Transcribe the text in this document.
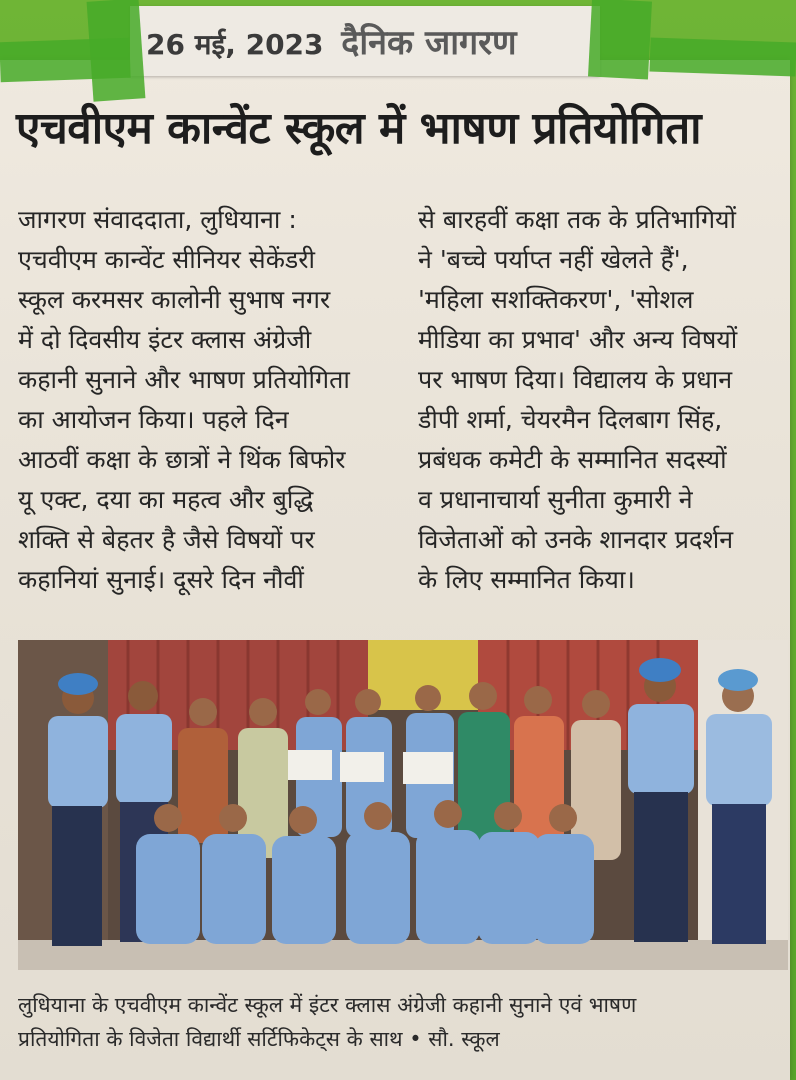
26 मई, 2023 दैनिक जागरण
एचवीएम कान्वेंट स्कूल में भाषण प्रतियोगिता
जागरण संवाददाता, लुधियाना :
एचवीएम कान्वेंट सीनियर सेकेंडरी
स्कूल करमसर कालोनी सुभाष नगर
में दो दिवसीय इंटर क्लास अंग्रेजी
कहानी सुनाने और भाषण प्रतियोगिता
का आयोजन किया। पहले दिन
आठवीं कक्षा के छात्रों ने थिंक बिफोर
यू एक्ट, दया का महत्व और बुद्धि
शक्ति से बेहतर है जैसे विषयों पर
कहानियां सुनाई। दूसरे दिन नौवीं
से बारहवीं कक्षा तक के प्रतिभागियों
ने 'बच्चे पर्याप्त नहीं खेलते हैं',
'महिला सशक्तिकरण', 'सोशल
मीडिया का प्रभाव' और अन्य विषयों
पर भाषण दिया। विद्यालय के प्रधान
डीपी शर्मा, चेयरमैन दिलबाग सिंह,
प्रबंधक कमेटी के सम्मानित सदस्यों
व प्रधानाचार्या सुनीता कुमारी ने
विजेताओं को उनके शानदार प्रदर्शन
के लिए सम्मानित किया।
लुधियाना के एचवीएम कान्वेंट स्कूल में इंटर क्लास अंग्रेजी कहानी सुनाने एवं भाषण
प्रतियोगिता के विजेता विद्यार्थी सर्टिफिकेट्स के साथ • सौ. स्कूल
